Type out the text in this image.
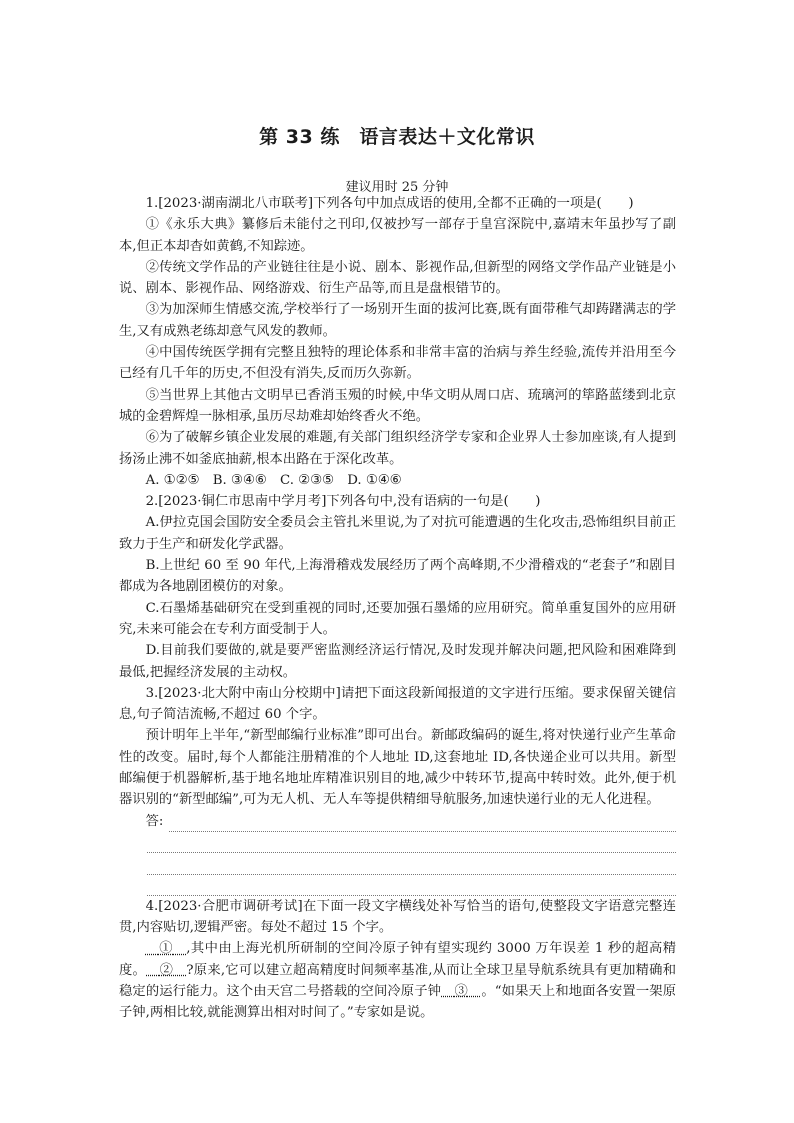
第 33 练　语言表达＋文化常识
建议用时 25 分钟

1.[2023·湖南湖北八市联考]下列各句中加点成语的使用,全都不正确的一项是(　　)

①《永乐大典》纂修后未能付之刊印,仅被抄写一部存于皇宫深院中,嘉靖末年虽抄写了副本,但正本却杳如黄鹤,不知踪迹。

②传统文学作品的产业链往往是小说、剧本、影视作品,但新型的网络文学作品产业链是小说、剧本、影视作品、网络游戏、衍生产品等,而且是盘根错节的。

③为加深师生情感交流,学校举行了一场别开生面的拔河比赛,既有面带稚气却踌躇满志的学生,又有成熟老练却意气风发的教师。

④中国传统医学拥有完整且独特的理论体系和非常丰富的治病与养生经验,流传并沿用至今已经有几千年的历史,不但没有消失,反而历久弥新。

⑤当世界上其他古文明早已香消玉殒的时候,中华文明从周口店、琉璃河的筚路蓝缕到北京城的金碧辉煌一脉相承,虽历尽劫难却始终香火不绝。

⑥为了破解乡镇企业发展的难题,有关部门组织经济学专家和企业界人士参加座谈,有人提到扬汤止沸不如釜底抽薪,根本出路在于深化改革。

A. ①②⑤　B. ③④⑥　C. ②③⑤　D. ①④⑥

2.[2023·铜仁市思南中学月考]下列各句中,没有语病的一句是(　　)

A.伊拉克国会国防安全委员会主管扎米里说,为了对抗可能遭遇的生化攻击,恐怖组织目前正致力于生产和研发化学武器。

B.上世纪 60 至 90 年代,上海滑稽戏发展经历了两个高峰期,不少滑稽戏的“老套子”和剧目都成为各地剧团模仿的对象。

C.石墨烯基础研究在受到重视的同时,还要加强石墨烯的应用研究。简单重复国外的应用研究,未来可能会在专利方面受制于人。

D.目前我们要做的,就是要严密监测经济运行情况,及时发现并解决问题,把风险和困难降到最低,把握经济发展的主动权。

3.[2023·北大附中南山分校期中]请把下面这段新闻报道的文字进行压缩。要求保留关键信息,句子简洁流畅,不超过 60 个字。

预计明年上半年,“新型邮编行业标准”即可出台。新邮政编码的诞生,将对快递行业产生革命性的改变。届时,每个人都能注册精准的个人地址 ID,这套地址 ID,各快递企业可以共用。新型邮编便于机器解析,基于地名地址库精准识别目的地,减少中转环节,提高中转时效。此外,便于机器识别的“新型邮编”,可为无人机、无人车等提供精细导航服务,加速快递行业的无人化进程。

答:

4.[2023·合肥市调研考试]在下面一段文字横线处补写恰当的语句,使整段文字语意完整连贯,内容贴切,逻辑严密。每处不超过 15 个字。

 ①  ,其中由上海光机所研制的空间冷原子钟有望实现约 3000 万年误差 1 秒的超高精度。  ②  ?原来,它可以建立超高精度时间频率基准,从而让全球卫星导航系统具有更加精确和稳定的运行能力。这个由天宫二号搭载的空间冷原子钟  ③  。“如果天上和地面各安置一架原子钟,两相比较,就能测算出相对时间了。”专家如是说。
